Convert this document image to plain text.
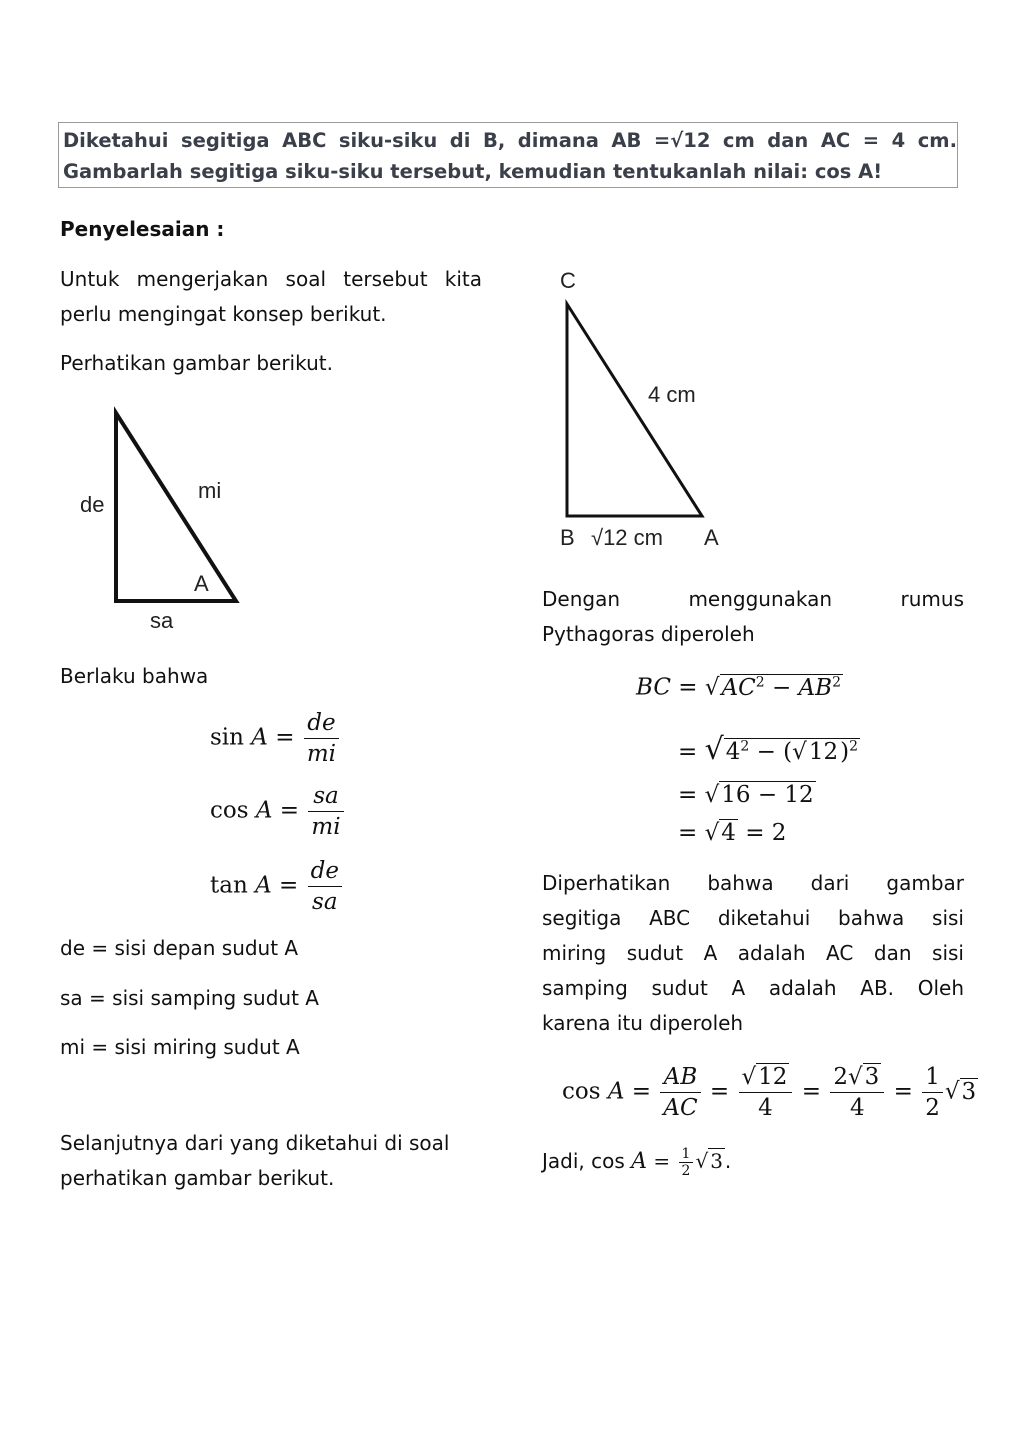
Diketahui segitiga ABC siku-siku di B, dimana AB =√12 cm dan AC = 4 cm.
Gambarlah segitiga siku-siku tersebut, kemudian tentukanlah nilai: cos A!
Penyelesaian :
Untuk mengerjakan soal tersebut kita
perlu mengingat konsep berikut.
Perhatikan gambar berikut.
de
mi
sa
A
Berlaku bahwa
$\sin A = \frac{de}{mi}$
$\cos A = \frac{sa}{mi}$
$\tan A = \frac{de}{sa}$
de = sisi depan sudut A
sa = sisi samping sudut A
mi = sisi miring sudut A
Selanjutnya dari yang diketahui di soal
perhatikan gambar berikut.
C
4 cm
B √12 cm A
Dengan menggunakan rumus
Pythagoras diperoleh
BC = $√AC^2 - AB^2$
= $√4^2 - (√12)^2$
= √16 − 12
= √4 = 2
Diperhatikan bahwa dari gambar
segitiga ABC diketahui bahwa sisi
miring sudut A adalah AC dan sisi
samping sudut A adalah AB. Oleh
karena itu diperoleh
$\cos A = \frac{AB}{AC} = \frac{√12}{4} = \frac{2√3}{4} = \frac{1}{2} √3$
Jadi, $\cos A = \frac{1}{2}$ √ 3 .
